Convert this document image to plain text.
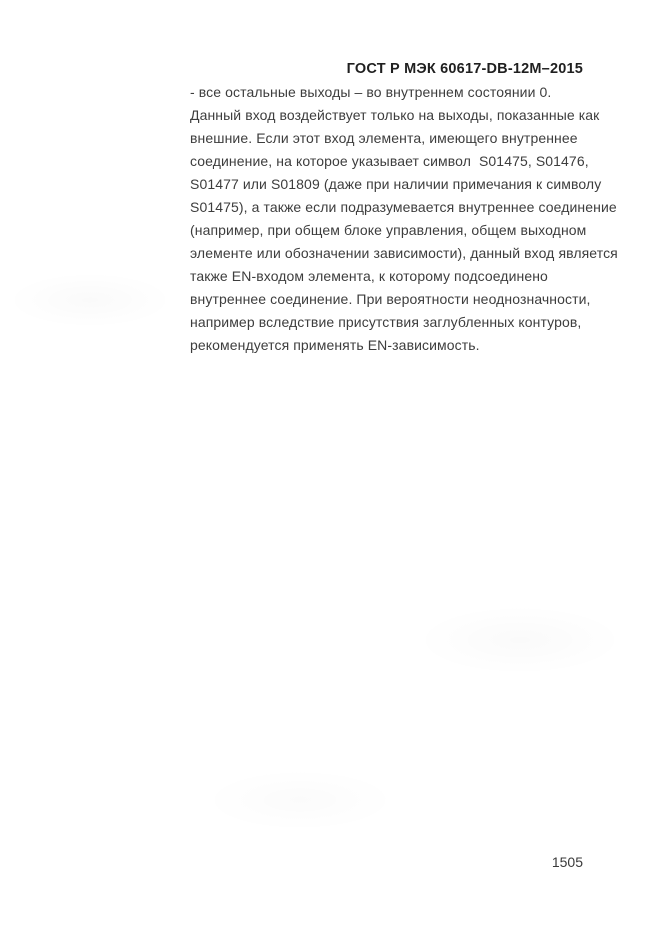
ГОСТ Р МЭК 60617-DB-12M–2015
- все остальные выходы – во внутреннем состоянии 0.
Данный вход воздействует только на выходы, показанные как
внешние. Если этот вход элемента, имеющего внутреннее
соединение, на которое указывает символ  S01475, S01476,
S01477 или S01809 (даже при наличии примечания к символу
S01475), а также если подразумевается внутреннее соединение
(например, при общем блоке управления, общем выходном
элементе или обозначении зависимости), данный вход является
также EN-входом элемента, к которому подсоединено
внутреннее соединение. При вероятности неоднозначности,
например вследствие присутствия заглубленных контуров,
рекомендуется применять EN-зависимость.
1505
